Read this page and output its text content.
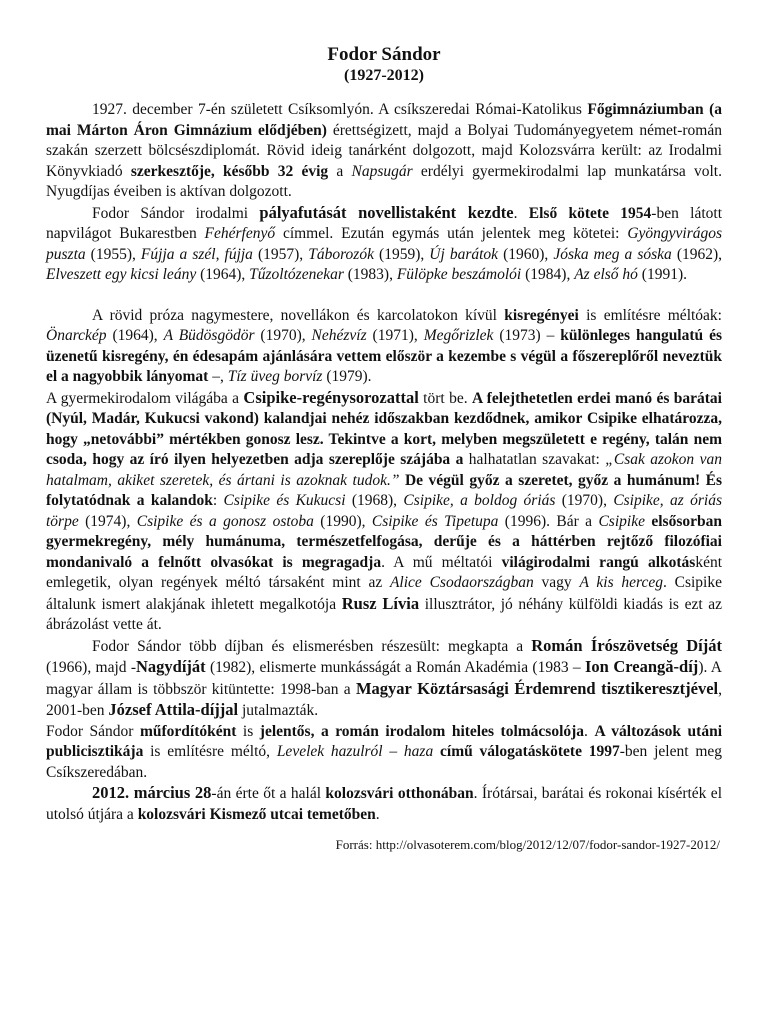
Fodor Sándor
(1927-2012)

1927. december 7-én született Csíksomlyón. A csíkszeredai Római-Katolikus Főgimnáziumban (a mai Márton Áron Gimnázium elődjében) érettségizett, majd a Bolyai Tudományegyetem német-román szakán szerzett bölcsészdiplomát. Rövid ideig tanárként dolgozott, majd Kolozsvárra került: az Irodalmi Könyvkiadó szerkesztője, később 32 évig a Napsugár erdélyi gyermekirodalmi lap munkatársa volt. Nyugdíjas éveiben is aktívan dolgozott.

Fodor Sándor irodalmi pályafutását novellistaként kezdte. Első kötete 1954-ben látott napvilágot Bukarestben Fehérfenyő címmel. Ezután egymás után jelentek meg kötetei: Gyöngyvirágos puszta (1955), Fújja a szél, fújja (1957), Táborozók (1959), Új barátok (1960), Jóska meg a sóska (1962), Elveszett egy kicsi leány (1964), Tűzoltózenekar (1983), Fülöpke beszámolói (1984), Az első hó (1991).

A rövid próza nagymestere, novellákon és karcolatokon kívül kisregényei is említésre méltóak: Önarckép (1964), A Büdösgödör (1970), Nehézvíz (1971), Megőrizlek (1973) – különleges hangulatú és üzenetű kisregény, én édesapám ajánlására vettem először a kezembe s végül a főszereplőről neveztük el a nagyobbik lányomat –, Tíz üveg borvíz (1979).

A gyermekirodalom világába a Csipike-regénysorozattal tört be. A felejthetetlen erdei manó és barátai (Nyúl, Madár, Kukucsi vakond) kalandjai nehéz időszakban kezdődnek, amikor Csipike elhatározza, hogy „netovábbi” mértékben gonosz lesz. Tekintve a kort, melyben megszületett e regény, talán nem csoda, hogy az író ilyen helyezetben adja szereplője szájába a halhatatlan szavakat: „Csak azokon van hatalmam, akiket szeretek, és ártani is azoknak tudok.” De végül győz a szeretet, győz a humánum! És folytatódnak a kalandok: Csipike és Kukucsi (1968), Csipike, a boldog óriás (1970), Csipike, az óriás törpe (1974), Csipike és a gonosz ostoba (1990), Csipike és Tipetupa (1996). Bár a Csipike elsősorban gyermekregény, mély humánuma, természetfelfogása, derűje és a háttérben rejtőző filozófiai mondanivaló a felnőtt olvasókat is megragadja. A mű méltatói világirodalmi rangú alkotásként emlegetik, olyan regények méltó társaként mint az Alice Csodaországban vagy A kis herceg. Csipike általunk ismert alakjának ihletett megalkotója Rusz Lívia illusztrátor, jó néhány külföldi kiadás is ezt az ábrázolást vette át.

Fodor Sándor több díjban és elismerésben részesült: megkapta a Román Írószövetség Díját (1966), majd -Nagydíját (1982), elismerte munkásságát a Román Akadémia (1983 – Ion Creangă-díj). A magyar állam is többször kitüntette: 1998-ban a Magyar Köztársasági Érdemrend tisztikeresztjével, 2001-ben József Attila-díjjal jutalmazták.

Fodor Sándor műfordítóként is jelentős, a román irodalom hiteles tolmácsolója. A változások utáni publicisztikája is említésre méltó, Levelek hazulról – haza című válogatáskötete 1997-ben jelent meg Csíkszeredában.

2012. március 28-án érte őt a halál kolozsvári otthonában. Írótársai, barátai és rokonai kísérték el utolsó útjára a kolozsvári Kismező utcai temetőben.

Forrás: http://olvasoterem.com/blog/2012/12/07/fodor-sandor-1927-2012/
